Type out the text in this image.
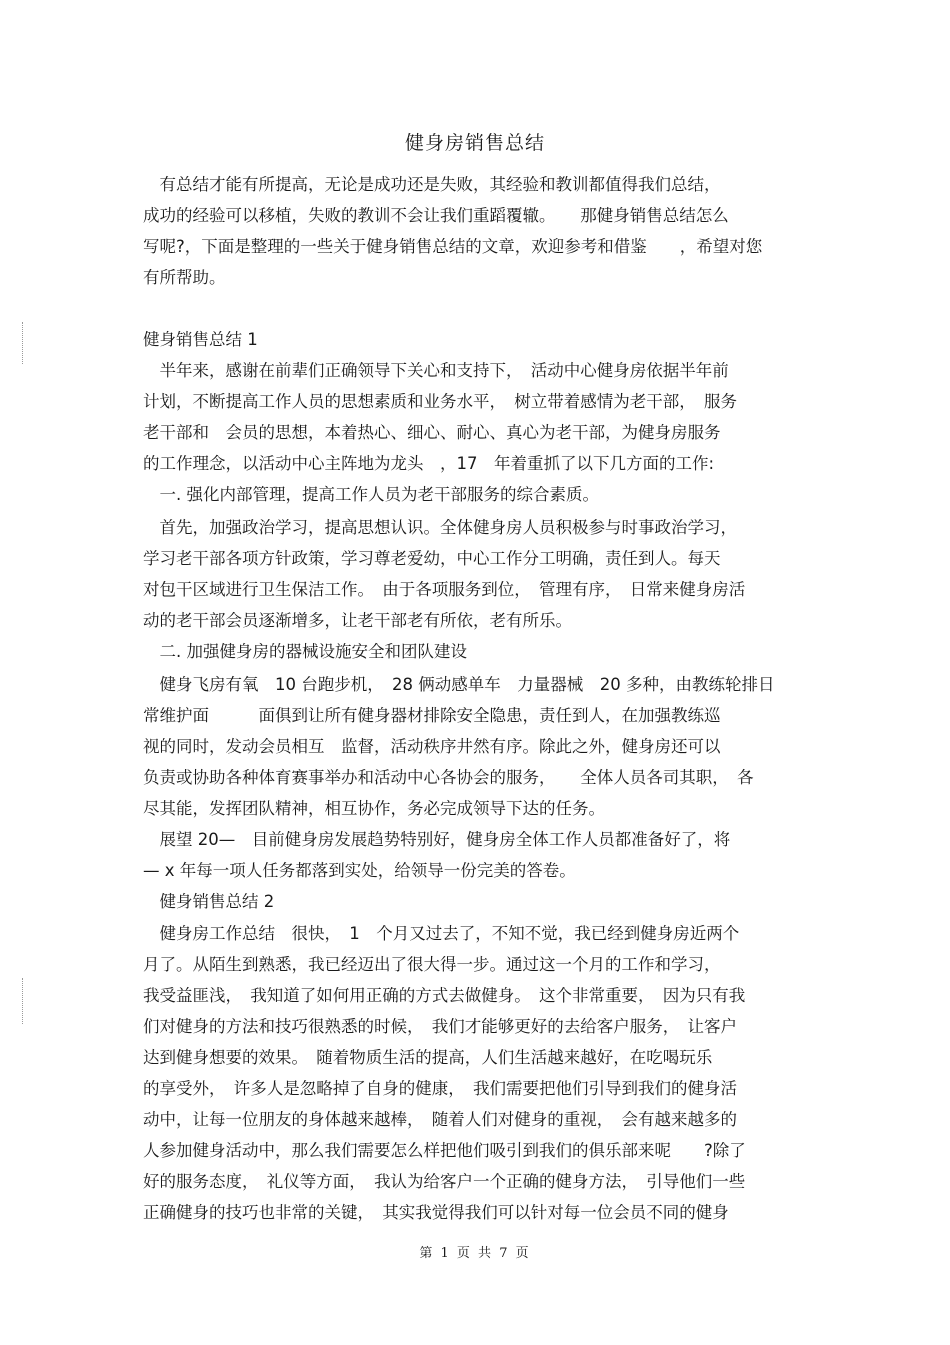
健身房销售总结
　有总结才能有所提高，无论是成功还是失败，其经验和教训都值得我们总结，
成功的经验可以移植，失败的教训不会让我们重蹈覆辙。　　那健身销售总结怎么
写呢?，下面是整理的一些关于健身销售总结的文章，欢迎参考和借鉴　　，希望对您
有所帮助。
健身销售总结 1
　半年来，感谢在前辈们正确领导下关心和支持下，　活动中心健身房依据半年前
计划，不断提高工作人员的思想素质和业务水平，　树立带着感情为老干部，　服务
老干部和　会员的思想，本着热心、细心、耐心、真心为老干部，为健身房服务
的工作理念，以活动中心主阵地为龙头　，17　年着重抓了以下几方面的工作:
　一. 强化内部管理，提高工作人员为老干部服务的综合素质。
　首先，加强政治学习，提高思想认识。全体健身房人员积极参与时事政治学习，
学习老干部各项方针政策，学习尊老爱幼，中心工作分工明确，责任到人。每天
对包干区域进行卫生保洁工作。　由于各项服务到位，　管理有序，　日常来健身房活
动的老干部会员逐渐增多，让老干部老有所依，老有所乐。
　二. 加强健身房的器械设施安全和团队建设
　健身飞房有氧　10 台跑步机，　28 俩动感单车　力量器械　20 多种，由教练轮排日
常维护面　　　面俱到让所有健身器材排除安全隐患，责任到人，在加强教练巡
视的同时，发动会员相互　监督，活动秩序井然有序。除此之外，健身房还可以
负责或协助各种体育赛事举办和活动中心各协会的服务，　　全体人员各司其职，　各
尽其能，发挥团队精神，相互协作，务必完成领导下达的任务。
　展望 20—　目前健身房发展趋势特别好，健身房全体工作人员都准备好了，将
— x 年每一项人任务都落到实处，给领导一份完美的答卷。
　健身销售总结 2
　健身房工作总结　很快，　1　个月又过去了，不知不觉，我已经到健身房近两个
月了。从陌生到熟悉，我已经迈出了很大得一步。通过这一个月的工作和学习，
我受益匪浅，　我知道了如何用正确的方式去做健身。　这个非常重要，　因为只有我
们对健身的方法和技巧很熟悉的时候，　我们才能够更好的去给客户服务，　让客户
达到健身想要的效果。　随着物质生活的提高，人们生活越来越好，在吃喝玩乐
的享受外，　许多人是忽略掉了自身的健康，　我们需要把他们引导到我们的健身活
动中，让每一位朋友的身体越来越棒，　随着人们对健身的重视，　会有越来越多的
人参加健身活动中，那么我们需要怎么样把他们吸引到我们的俱乐部来呢　　?除了
好的服务态度，　礼仪等方面，　我认为给客户一个正确的健身方法，　引导他们一些
正确健身的技巧也非常的关键，　其实我觉得我们可以针对每一位会员不同的健身
第 1 页 共 7 页
